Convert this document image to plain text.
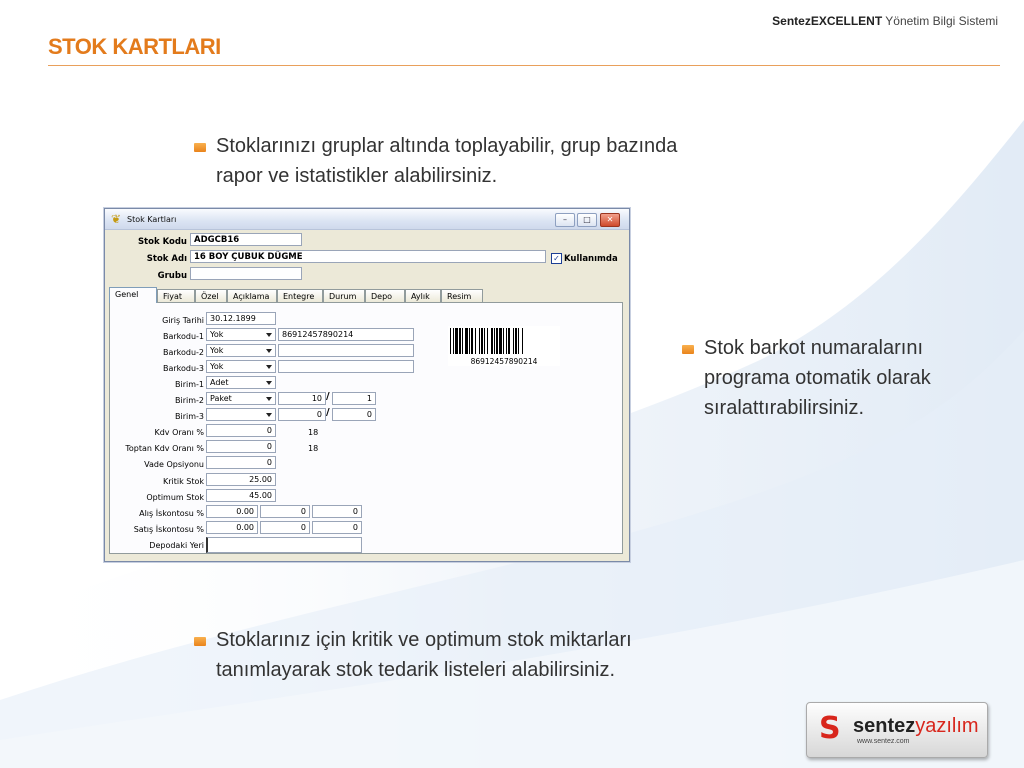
SentezEXCELLENT Yönetim Bilgi Sistemi
STOK KARTLARI
Stoklarınızı gruplar altında toplayabilir, grup bazında
rapor ve istatistikler alabilirsiniz.
Stok barkot numaralarını
programa otomatik olarak
sıralattırabilirsiniz.
Stoklarınız için kritik ve optimum stok miktarları
tanımlayarak stok tedarik listeleri alabilirsiniz.
❦ Stok Kartları	–	□	✕
Stok Kodu ADGCB16
Stok Adı 16 BOY ÇUBUK DÜGME	✓ Kullanımda
Grubu
Genel	Fiyat	Özel	Açıklama	Entegre	Durum	Depo	Aylık	Resim
Giriş Tarihi 30.12.1899
Barkodu-1 Yok	86912457890214
Barkodu-2 Yok
Barkodu-3 Yok
86912457890214
Birim-1 Adet
Birim-2 Paket	10 /	1
Birim-3	0 /	0
Kdv Oranı %	0	18
Toptan Kdv Oranı %	0	18
Vade Opsiyonu	0
Kritik Stok	25.00
Optimum Stok	45.00
Alış İskontosu %	0.00	0	0
Satış İskontosu %	0.00	0	0
Depodaki Yeri
S sentezyazılım
www.sentez.com
